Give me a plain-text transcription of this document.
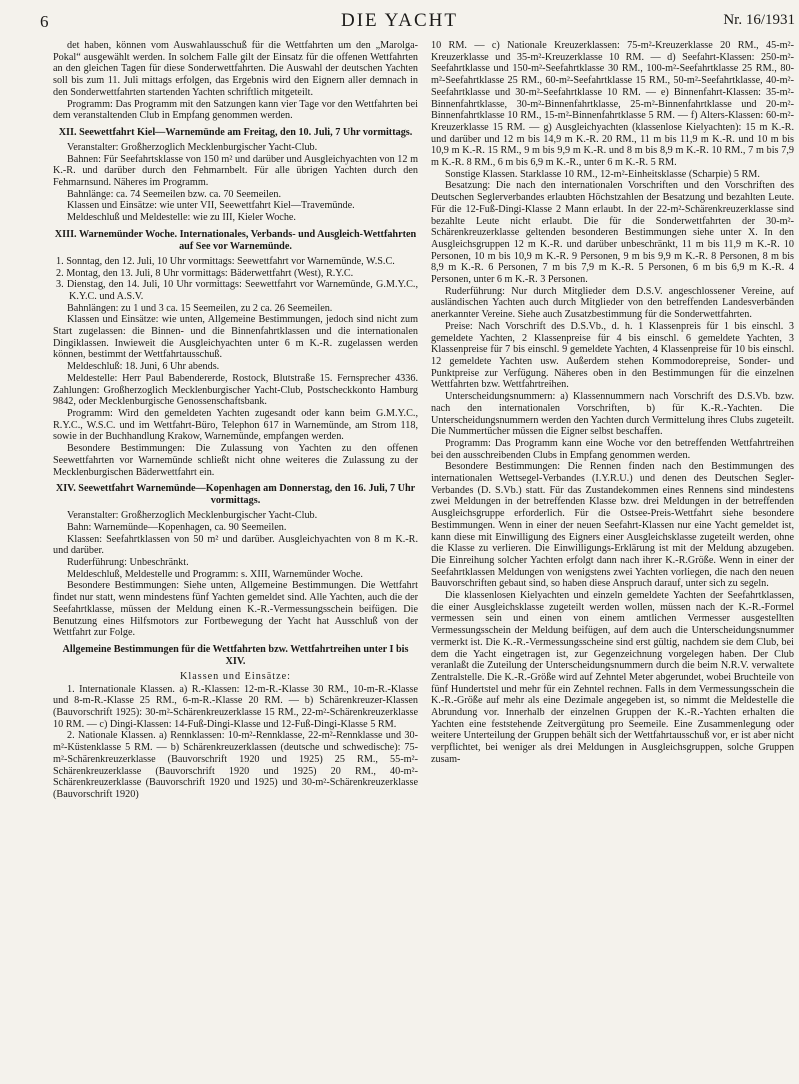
6	DIE YACHT	Nr. 16/1931

det haben, können vom Auswahlausschuß für die Wettfahrten um den „Marolga-Pokal“ ausgewählt werden. In solchem Falle gilt der Einsatz für die offenen Wettfahrten an den gleichen Tagen für diese Sonderwettfahrten. Die Auswahl der deutschen Yachten soll bis zum 11. Juli mittags erfolgen, das Ergebnis wird den Eignern aller demnach in den Sonderwettfahrten startenden Yachten schriftlich mitgeteilt.

Programm: Das Programm mit den Satzungen kann vier Tage vor den Wettfahrten bei dem veranstaltenden Club in Empfang genommen werden.

XII. Seewettfahrt Kiel—Warnemünde am Freitag, den 10. Juli, 7 Uhr vormittags.

Veranstalter: Großherzoglich Mecklenburgischer Yacht-Club.

Bahnen: Für Seefahrtsklasse von 150 m² und darüber und Ausgleichyachten von 12 m K.-R. und darüber durch den Fehmarnbelt. Für alle übrigen Yachten durch den Fehmarnsund. Näheres im Programm.

Bahnlänge: ca. 74 Seemeilen bzw. ca. 70 Seemeilen.

Klassen und Einsätze: wie unter VII, Seewettfahrt Kiel—Travemünde.

Meldeschluß und Meldestelle: wie zu III, Kieler Woche.

XIII. Warnemünder Woche. Internationales, Verbands- und Ausgleich-Wettfahrten auf See vor Warnemünde.

1. Sonntag, den 12. Juli, 10 Uhr vormittags: Seewettfahrt vor Warnemünde, W.S.C.

2. Montag, den 13. Juli, 8 Uhr vormittags: Bäderwettfahrt (West), R.Y.C.

3. Dienstag, den 14. Juli, 10 Uhr vormittags: Seewettfahrt vor Warnemünde, G.M.Y.C., K.Y.C. und A.S.V.

Bahnlängen: zu 1 und 3 ca. 15 Seemeilen, zu 2 ca. 26 Seemeilen.

Klassen und Einsätze: wie unten, Allgemeine Bestimmungen, jedoch sind nicht zum Start zugelassen: die Binnen- und die Binnenfahrtklassen und die internationalen Dingiklassen. Inwieweit die Ausgleichyachten unter 6 m K.-R. zugelassen werden können, bestimmt der Wettfahrtausschuß.

Meldeschluß: 18. Juni, 6 Uhr abends.

Meldestelle: Herr Paul Babendererde, Rostock, Blutstraße 15. Fernsprecher 4336. Zahlungen: Großherzoglich Mecklenburgischer Yacht-Club, Postscheckkonto Hamburg 9842, oder Mecklenburgische Genossenschaftsbank.

Programm: Wird den gemeldeten Yachten zugesandt oder kann beim G.M.Y.C., R.Y.C., W.S.C. und im Wettfahrt-Büro, Telephon 617 in Warnemünde, am Strom 118, sowie in der Buchhandlung Krakow, Warnemünde, empfangen werden.

Besondere Bestimmungen: Die Zulassung von Yachten zu den offenen Seewettfahrten vor Warnemünde schließt nicht ohne weiteres die Zulassung zu der Mecklenburgischen Bäderwettfahrt ein.

XIV. Seewettfahrt Warnemünde—Kopenhagen am Donnerstag, den 16. Juli, 7 Uhr vormittags.

Veranstalter: Großherzoglich Mecklenburgischer Yacht-Club.

Bahn: Warnemünde—Kopenhagen, ca. 90 Seemeilen.

Klassen: Seefahrtklassen von 50 m² und darüber. Ausgleichyachten von 8 m K.-R. und darüber.

Ruderführung: Unbeschränkt.

Meldeschluß, Meldestelle und Programm: s. XIII, Warnemünder Woche.

Besondere Bestimmungen: Siehe unten, Allgemeine Bestimmungen. Die Wettfahrt findet nur statt, wenn mindestens fünf Yachten gemeldet sind. Alle Yachten, auch die der Seefahrtklasse, müssen der Meldung einen K.-R.-Vermessungsschein beifügen. Die Benutzung eines Hilfsmotors zur Fortbewegung der Yacht hat Ausschluß von der Wettfahrt zur Folge.

Allgemeine Bestimmungen für die Wettfahrten bzw. Wettfahrtreihen unter I bis XIV.

Klassen und Einsätze:

1. Internationale Klassen. a) R.-Klassen: 12-m-R.-Klasse 30 RM., 10-m-R.-Klasse und 8-m-R.-Klasse 25 RM., 6-m-R.-Klasse 20 RM. — b) Schärenkreuzer-Klassen (Bauvorschrift 1925): 30-m²-Schärenkreuzerklasse 15 RM., 22-m²-Schärenkreuzerklasse 10 RM. — c) Dingi-Klassen: 14-Fuß-Dingi-Klasse und 12-Fuß-Dingi-Klasse 5 RM.

2. Nationale Klassen. a) Rennklassen: 10-m²-Rennklasse, 22-m²-Rennklasse und 30-m²-Küstenklasse 5 RM. — b) Schärenkreuzerklassen (deutsche und schwedische): 75-m²-Schärenkreuzerklasse (Bauvorschrift 1920 und 1925) 25 RM., 55-m²-Schärenkreuzerklasse (Bauvorschrift 1920 und 1925) 20 RM., 40-m²-Schärenkreuzerklasse (Bauvorschrift 1920 und 1925) und 30-m²-Schärenkreuzerklasse (Bauvorschrift 1920)

10 RM. — c) Nationale Kreuzerklassen: 75-m²-Kreuzerklasse 20 RM., 45-m²-Kreuzerklasse und 35-m²-Kreuzerklasse 10 RM. — d) Seefahrt-Klassen: 250-m²-Seefahrtklasse und 150-m²-Seefahrtklasse 30 RM., 100-m²-Seefahrtklasse 25 RM., 80-m²-Seefahrtklasse 25 RM., 60-m²-Seefahrtklasse 15 RM., 50-m²-Seefahrtklasse, 40-m²-Seefahrtklasse und 30-m²-Seefahrtklasse 10 RM. — e) Binnenfahrt-Klassen: 35-m²-Binnenfahrtklasse, 30-m²-Binnenfahrtklasse, 25-m²-Binnenfahrtklasse und 20-m²-Binnenfahrtklasse 10 RM., 15-m²-Binnenfahrtklasse 5 RM. — f) Alters-Klassen: 60-m²-Kreuzerklasse 15 RM. — g) Ausgleichyachten (klassenlose Kielyachten): 15 m K.-R. und darüber und 12 m bis 14,9 m K.-R. 20 RM., 11 m bis 11,9 m K.-R. und 10 m bis 10,9 m K.-R. 15 RM., 9 m bis 9,9 m K.-R. und 8 m bis 8,9 m K.-R. 10 RM., 7 m bis 7,9 m K.-R. 8 RM., 6 m bis 6,9 m K.-R., unter 6 m K.-R. 5 RM.

Sonstige Klassen. Starklasse 10 RM., 12-m²-Einheitsklasse (Scharpie) 5 RM.

Besatzung: Die nach den internationalen Vorschriften und den Vorschriften des Deutschen Seglerverbandes erlaubten Höchstzahlen der Besatzung und bezahlten Leute. Für die 12-Fuß-Dingi-Klasse 2 Mann erlaubt. In der 22-m²-Schärenkreuzerklasse sind bezahlte Leute nicht erlaubt. Die für die Sonderwettfahrten der 30-m²-Schärenkreuzerklasse geltenden besonderen Bestimmungen siehe unter X. In den Ausgleichsgruppen 12 m K.-R. und darüber unbeschränkt, 11 m bis 11,9 m K.-R. 10 Personen, 10 m bis 10,9 m K.-R. 9 Personen, 9 m bis 9,9 m K.-R. 8 Personen, 8 m bis 8,9 m K.-R. 6 Personen, 7 m bis 7,9 m K.-R. 5 Personen, 6 m bis 6,9 m K.-R. 4 Personen, unter 6 m K.-R. 3 Personen.

Ruderführung: Nur durch Mitglieder dem D.S.V. angeschlossener Vereine, auf ausländischen Yachten auch durch Mitglieder von den betreffenden Landesverbänden anerkannter Vereine. Siehe auch Zusatzbestimmung für die Sonderwettfahrten.

Preise: Nach Vorschrift des D.S.Vb., d. h. 1 Klassenpreis für 1 bis einschl. 3 gemeldete Yachten, 2 Klassenpreise für 4 bis einschl. 6 gemeldete Yachten, 3 Klassenpreise für 7 bis einschl. 9 gemeldete Yachten, 4 Klassenpreise für 10 bis einschl. 12 gemeldete Yachten usw. Außerdem stehen Kommodorepreise, Sonder- und Punktpreise zur Verfügung. Näheres oben in den Bestimmungen für die einzelnen Wettfahrten bzw. Wettfahrtreihen.

Unterscheidungsnummern: a) Klassennummern nach Vorschrift des D.S.Vb. bzw. nach den internationalen Vorschriften, b) für K.-R.-Yachten. Die Unterscheidungsnummern werden den Yachten durch Vermittelung ihres Clubs zugeteilt. Die Nummertücher müssen die Eigner selbst beschaffen.

Programm: Das Programm kann eine Woche vor den betreffenden Wettfahrtreihen bei den ausschreibenden Clubs in Empfang genommen werden.

Besondere Bestimmungen: Die Rennen finden nach den Bestimmungen des internationalen Wettsegel-Verbandes (I.Y.R.U.) und denen des Deutschen Segler-Verbandes (D. S.Vb.) statt. Für das Zustandekommen eines Rennens sind mindestens zwei Meldungen in der betreffenden Klasse bzw. drei Meldungen in der betreffenden Ausgleichsgruppe erforderlich. Für die Ostsee-Preis-Wettfahrt siehe besondere Bestimmungen. Wenn in einer der neuen Seefahrt-Klassen nur eine Yacht gemeldet ist, kann diese mit Einwilligung des Eigners einer Ausgleichsklasse zugeteilt werden, ohne die Klasse zu verlieren. Die Einwilligungs-Erklärung ist mit der Meldung abzugeben. Die Einreihung solcher Yachten erfolgt dann nach ihrer K.-R.Größe. Wenn in einer der Seefahrtklassen Meldungen von wenigstens zwei Yachten vorliegen, die nach den neuen Bauvorschriften gebaut sind, so haben diese Anspruch darauf, unter sich zu segeln.

Die klassenlosen Kielyachten und einzeln gemeldete Yachten der Seefahrtklassen, die einer Ausgleichsklasse zugeteilt werden wollen, müssen nach der K.-R.-Formel vermessen sein und einen von einem amtlichen Vermesser ausgestellten Vermessungsschein der Meldung beifügen, auf dem auch die Unterscheidungsnummer vermerkt ist. Die K.-R.-Vermessungsscheine sind erst gültig, nachdem sie dem Club, bei dem die Yacht eingetragen ist, zur Gegenzeichnung vorgelegen haben. Der Club veranlaßt die Zuteilung der Unterscheidungsnummern durch die beim N.R.V. verwaltete Zentralstelle. Die K.-R.-Größe wird auf Zehntel Meter abgerundet, wobei Bruchteile von fünf Hundertstel und mehr für ein Zehntel rechnen. Falls in dem Vermessungsschein die K.-R.-Größe auf mehr als eine Dezimale angegeben ist, so nimmt die Meldestelle die Abrundung vor. Innerhalb der einzelnen Gruppen der K.-R.-Yachten erhalten die Yachten eine feststehende Zeitvergütung pro Seemeile. Eine Zusammenlegung oder weitere Unterteilung der Gruppen behält sich der Wettfahrtausschuß vor, er ist aber nicht verpflichtet, bei weniger als drei Meldungen in Ausgleichsgruppen, solche Gruppen zusam-
